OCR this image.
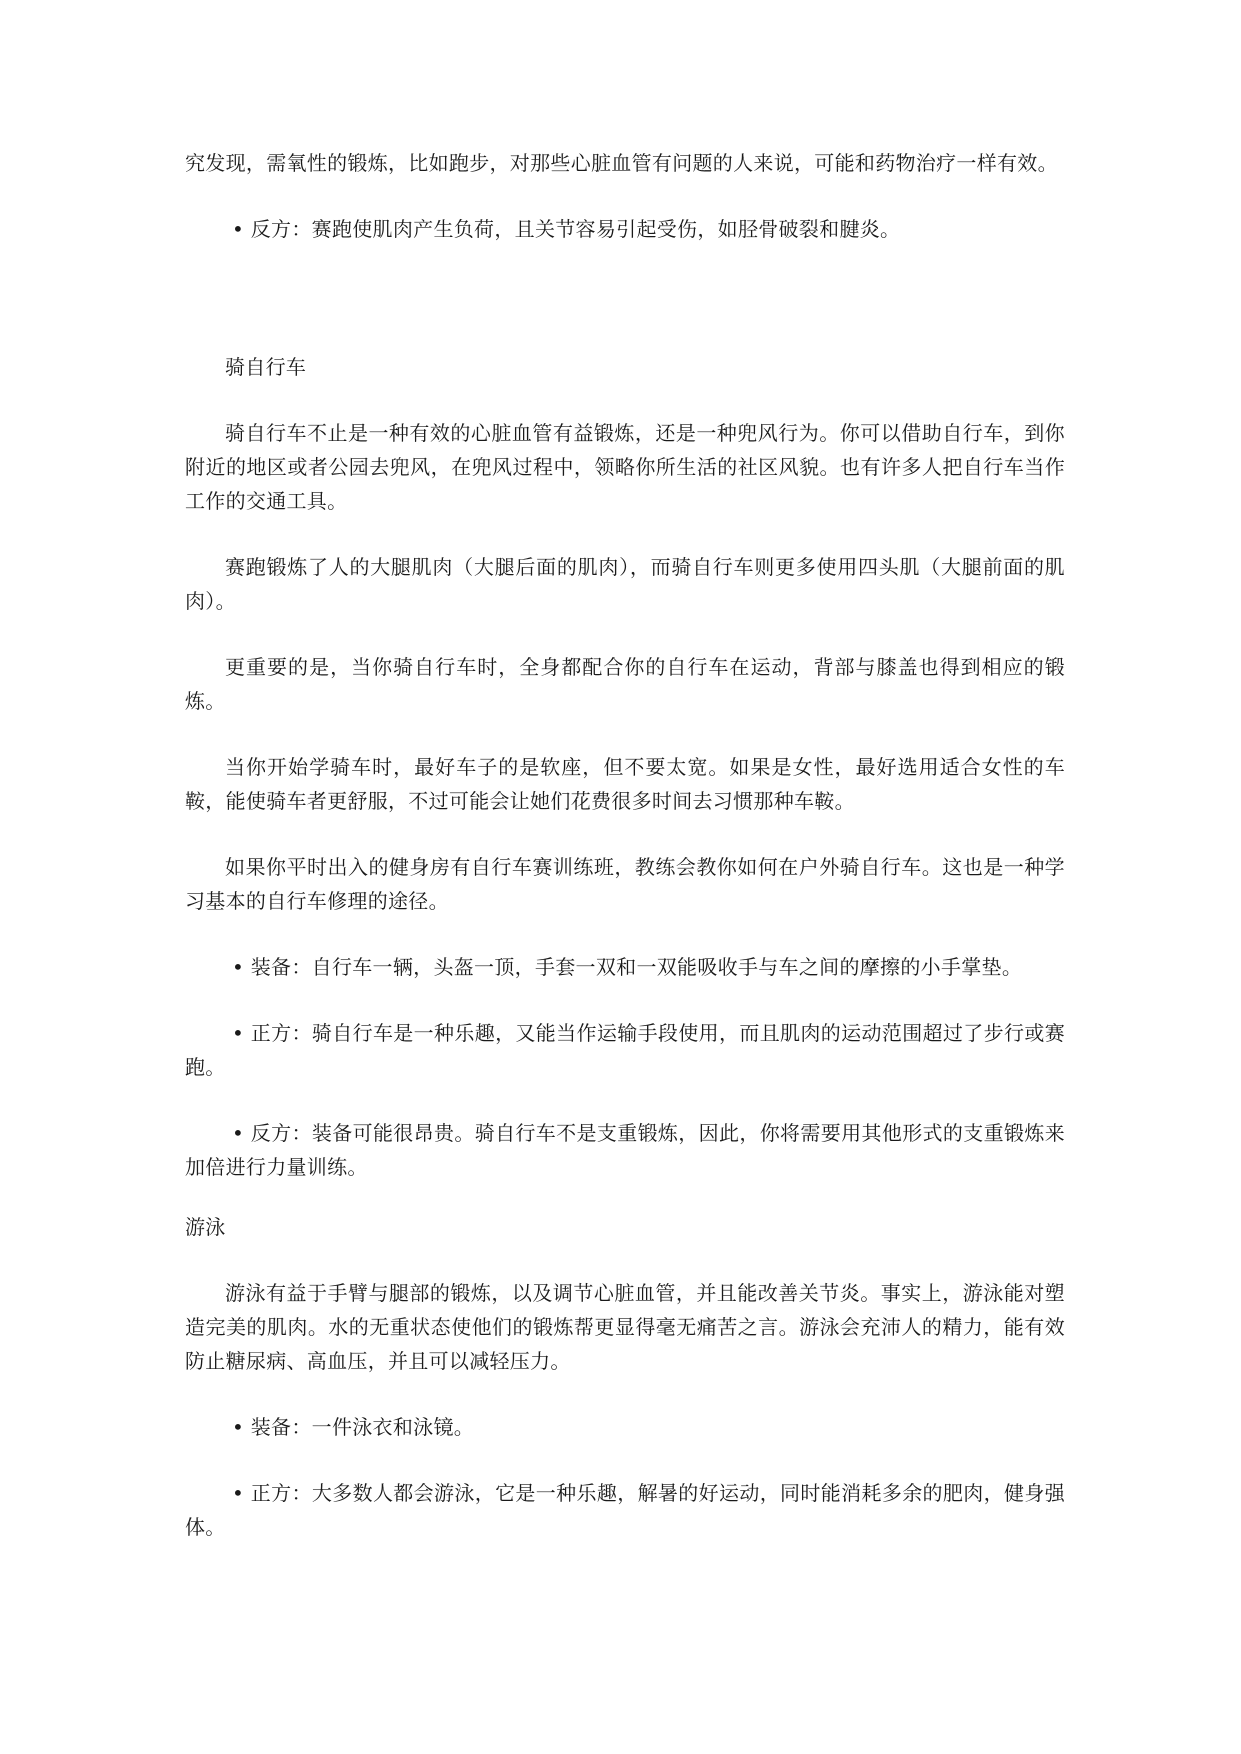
究发现，需氧性的锻炼，比如跑步，对那些心脏血管有问题的人来说，可能和药物治疗一样有效。

• 反方：赛跑使肌肉产生负荷，且关节容易引起受伤，如胫骨破裂和腱炎。

骑自行车

骑自行车不止是一种有效的心脏血管有益锻炼，还是一种兜风行为。你可以借助自行车，到你附近的地区或者公园去兜风，在兜风过程中，领略你所生活的社区风貌。也有许多人把自行车当作工作的交通工具。

赛跑锻炼了人的大腿肌肉（大腿后面的肌肉），而骑自行车则更多使用四头肌（大腿前面的肌肉）。

更重要的是，当你骑自行车时，全身都配合你的自行车在运动，背部与膝盖也得到相应的锻炼。

当你开始学骑车时，最好车子的是软座，但不要太宽。如果是女性，最好选用适合女性的车鞍，能使骑车者更舒服，不过可能会让她们花费很多时间去习惯那种车鞍。

如果你平时出入的健身房有自行车赛训练班，教练会教你如何在户外骑自行车。这也是一种学习基本的自行车修理的途径。

• 装备：自行车一辆，头盔一顶，手套一双和一双能吸收手与车之间的摩擦的小手掌垫。

• 正方：骑自行车是一种乐趣，又能当作运输手段使用，而且肌肉的运动范围超过了步行或赛跑。

• 反方：装备可能很昂贵。骑自行车不是支重锻炼，因此，你将需要用其他形式的支重锻炼来加倍进行力量训练。

游泳

游泳有益于手臂与腿部的锻炼，以及调节心脏血管，并且能改善关节炎。事实上，游泳能对塑造完美的肌肉。水的无重状态使他们的锻炼帮更显得毫无痛苦之言。游泳会充沛人的精力，能有效防止糖尿病、高血压，并且可以减轻压力。

• 装备：一件泳衣和泳镜。

• 正方：大多数人都会游泳，它是一种乐趣，解暑的好运动，同时能消耗多余的肥肉，健身强体。
